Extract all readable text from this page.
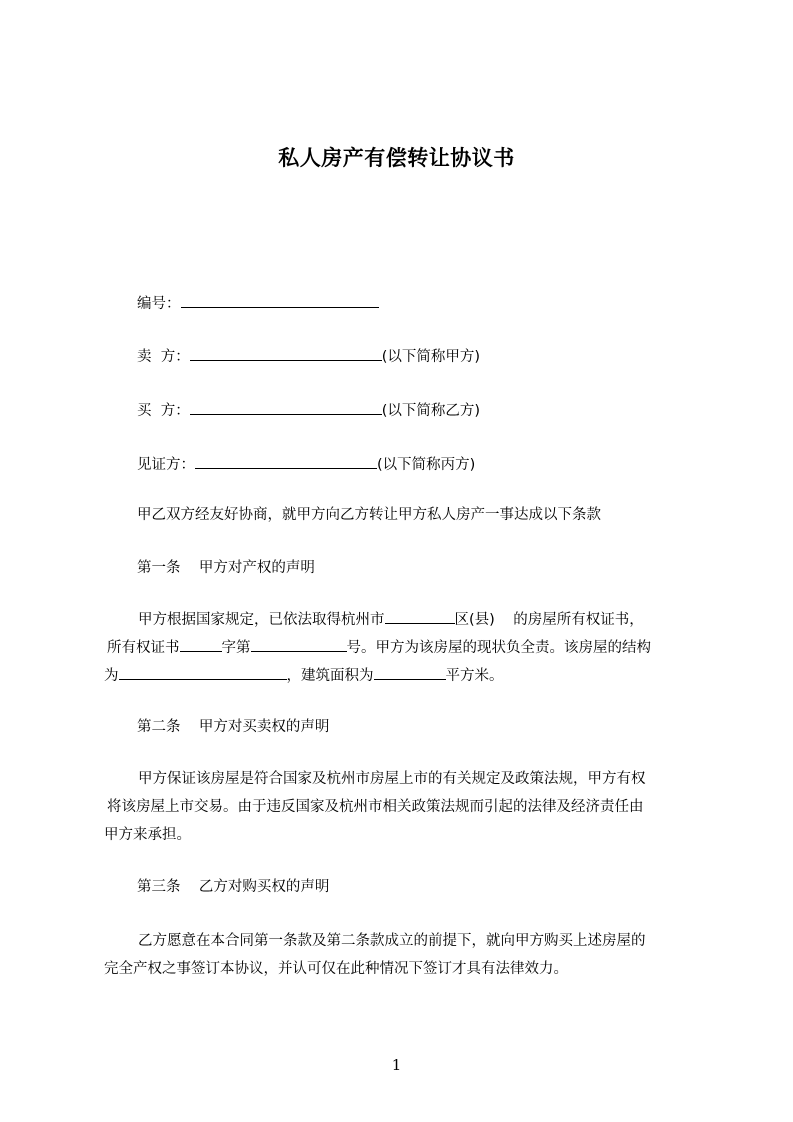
私人房产有偿转让协议书
编号：
卖  方：	(以下简称甲方)
买  方：	(以下简称乙方)
见证方：	(以下简称丙方)
甲乙双方经友好协商，就甲方向乙方转让甲方私人房产一事达成以下条款
第一条    甲方对产权的声明

甲方根据国家规定，已依法取得杭州市	区(县)    的房屋所有权证书，

所有权证书	字第	号。甲方为该房屋的现状负全责。该房屋的结构

为	，建筑面积为	平方米。

第二条    甲方对买卖权的声明

甲方保证该房屋是符合国家及杭州市房屋上市的有关规定及政策法规，甲方有权

将该房屋上市交易。由于违反国家及杭州市相关政策法规而引起的法律及经济责任由

甲方来承担。

第三条    乙方对购买权的声明

乙方愿意在本合同第一条款及第二条款成立的前提下，就向甲方购买上述房屋的

完全产权之事签订本协议，并认可仅在此种情况下签订才具有法律效力。

1
